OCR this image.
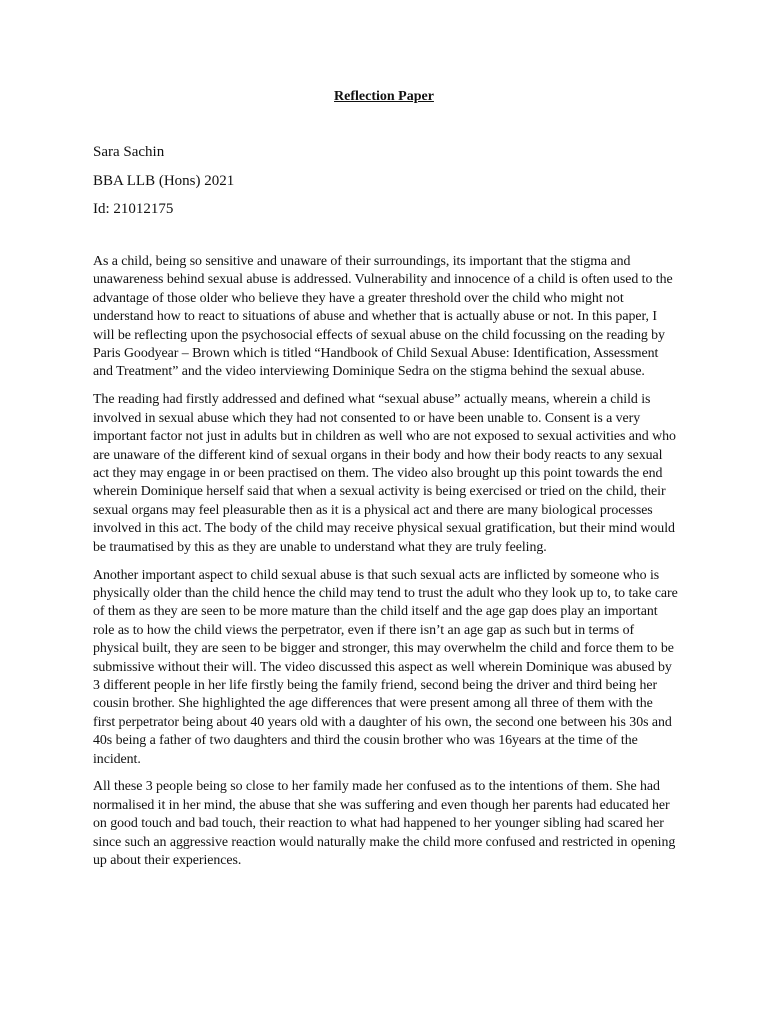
Reflection Paper
Sara Sachin
BBA LLB (Hons) 2021
Id: 21012175

As a child, being so sensitive and unaware of their surroundings, its important that the stigma and unawareness behind sexual abuse is addressed. Vulnerability and innocence of a child is often used to the advantage of those older who believe they have a greater threshold over the child who might not understand how to react to situations of abuse and whether that is actually abuse or not. In this paper, I will be reflecting upon the psychosocial effects of sexual abuse on the child focussing on the reading by Paris Goodyear – Brown which is titled “Handbook of Child Sexual Abuse: Identification, Assessment and Treatment” and the video interviewing Dominique Sedra on the stigma behind the sexual abuse.

The reading had firstly addressed and defined what “sexual abuse” actually means, wherein a child is involved in sexual abuse which they had not consented to or have been unable to. Consent is a very important factor not just in adults but in children as well who are not exposed to sexual activities and who are unaware of the different kind of sexual organs in their body and how their body reacts to any sexual act they may engage in or been practised on them. The video also brought up this point towards the end wherein Dominique herself said that when a sexual activity is being exercised or tried on the child, their sexual organs may feel pleasurable then as it is a physical act and there are many biological processes involved in this act. The body of the child may receive physical sexual gratification, but their mind would be traumatised by this as they are unable to understand what they are truly feeling.

Another important aspect to child sexual abuse is that such sexual acts are inflicted by someone who is physically older than the child hence the child may tend to trust the adult who they look up to, to take care of them as they are seen to be more mature than the child itself and the age gap does play an important role as to how the child views the perpetrator, even if there isn’t an age gap as such but in terms of physical built, they are seen to be bigger and stronger, this may overwhelm the child and force them to be submissive without their will. The video discussed this aspect as well wherein Dominique was abused by 3 different people in her life firstly being the family friend, second being the driver and third being her cousin brother. She highlighted the age differences that were present among all three of them with the first perpetrator being about 40 years old with a daughter of his own, the second one between his 30s and 40s being a father of two daughters and third the cousin brother who was 16years at the time of the incident.

All these 3 people being so close to her family made her confused as to the intentions of them. She had normalised it in her mind, the abuse that she was suffering and even though her parents had educated her on good touch and bad touch, their reaction to what had happened to her younger sibling had scared her since such an aggressive reaction would naturally make the child more confused and restricted in opening up about their experiences.
